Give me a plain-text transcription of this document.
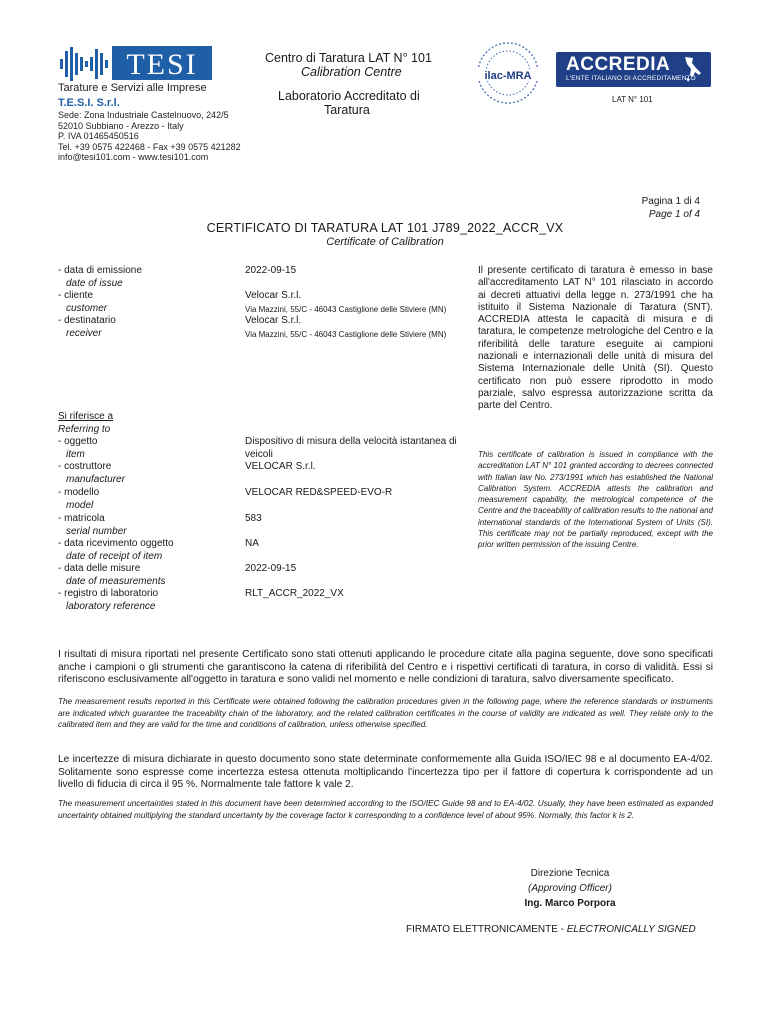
TESI
Tarature e Servizi alle Imprese
T.E.S.I. S.r.l.
Sede: Zona Industriale Castelnuovo, 242/5
52010 Subbiano - Arezzo - Italy
P. IVA 01465450516
Tel. +39 0575 422468 - Fax +39 0575 421282
info@tesi101.com - www.tesi101.com
Centro di Taratura LAT N° 101
Calibration Centre
Laboratorio Accreditato di
Taratura
ilac-MRA
ACCREDIA
L'ENTE ITALIANO DI ACCREDITAMENTO
LAT N° 101
Pagina 1 di 4
Page 1 of 4
CERTIFICATO DI TARATURA LAT 101 J789_2022_ACCR_VX
Certificate of Calibration
- data di emissione
date of issue
- cliente
customer
- destinatario
receiver
Si riferisce a
Referring to
- oggetto
item
- costruttore
manufacturer
- modello
model
- matricola
serial number
- data ricevimento oggetto
date of receipt of item
- data delle misure
date of measurements
- registro di laboratorio
laboratory reference
2022-09-15
Velocar S.r.l.
Via Mazzini, 55/C - 46043 Castiglione delle Stiviere (MN)
Velocar S.r.l.
Via Mazzini, 55/C - 46043 Castiglione delle Stiviere (MN)
Dispositivo di misura della velocità istantanea di
veicoli
VELOCAR S.r.l.
VELOCAR RED&SPEED-EVO-R
583
NA
2022-09-15
RLT_ACCR_2022_VX
Il presente certificato di taratura è emesso in base all'accreditamento LAT N° 101 rilasciato in accordo ai decreti attuativi della legge n. 273/1991 che ha istituito il Sistema Nazionale di Taratura (SNT). ACCREDIA attesta le capacità di misura e di taratura, le competenze metrologiche del Centro e la riferibilità delle tarature eseguite ai campioni nazionali e internazionali delle unità di misura del Sistema Internazionale delle Unità (SI). Questo certificato non può essere riprodotto in modo parziale, salvo espressa autorizzazione scritta da parte del Centro.
This certificate of calibration is issued in compliance with the accreditation LAT N° 101 granted according to decrees connected with Italian law No. 273/1991 which has established the National Calibration System. ACCREDIA attests the calibration and measurement capability, the metrological competence of the Centre and the traceability of calibration results to the national and international standards of the International System of Units (SI). This certificate may not be partially reproduced, except with the prior written permission of the issuing Centre.
I risultati di misura riportati nel presente Certificato sono stati ottenuti applicando le procedure citate alla pagina seguente, dove sono specificati anche i campioni o gli strumenti che garantiscono la catena di riferibilità del Centro e i rispettivi certificati di taratura, in corso di validità. Essi si riferiscono esclusivamente all'oggetto in taratura e sono validi nel momento e nelle condizioni di taratura, salvo diversamente specificato.
The measurement results reported in this Certificate were obtained following the calibration procedures given in the following page, where the reference standards or instruments are indicated which guarantee the traceability chain of the laboratory, and the related calibration certificates in the course of validity are indicated as well. They relate only to the calibrated item and they are valid for the time and conditions of calibration, unless otherwise specified.
Le incertezze di misura dichiarate in questo documento sono state determinate conformemente alla Guida ISO/IEC 98 e al documento EA-4/02. Solitamente sono espresse come incertezza estesa ottenuta moltiplicando l'incertezza tipo per il fattore di copertura k corrispondente ad un livello di fiducia di circa il 95 %. Normalmente tale fattore k vale 2.
The measurement uncertainties stated in this document have been determined according to the ISO/IEC Guide 98 and to EA-4/02. Usually, they have been estimated as expanded uncertainty obtained multiplying the standard uncertainty by the coverage factor k corresponding to a confidence level of about 95%. Normally, this factor k is 2.
Direzione Tecnica
(Approving Officer)
Ing. Marco Porpora
FIRMATO ELETTRONICAMENTE - ELECTRONICALLY SIGNED
